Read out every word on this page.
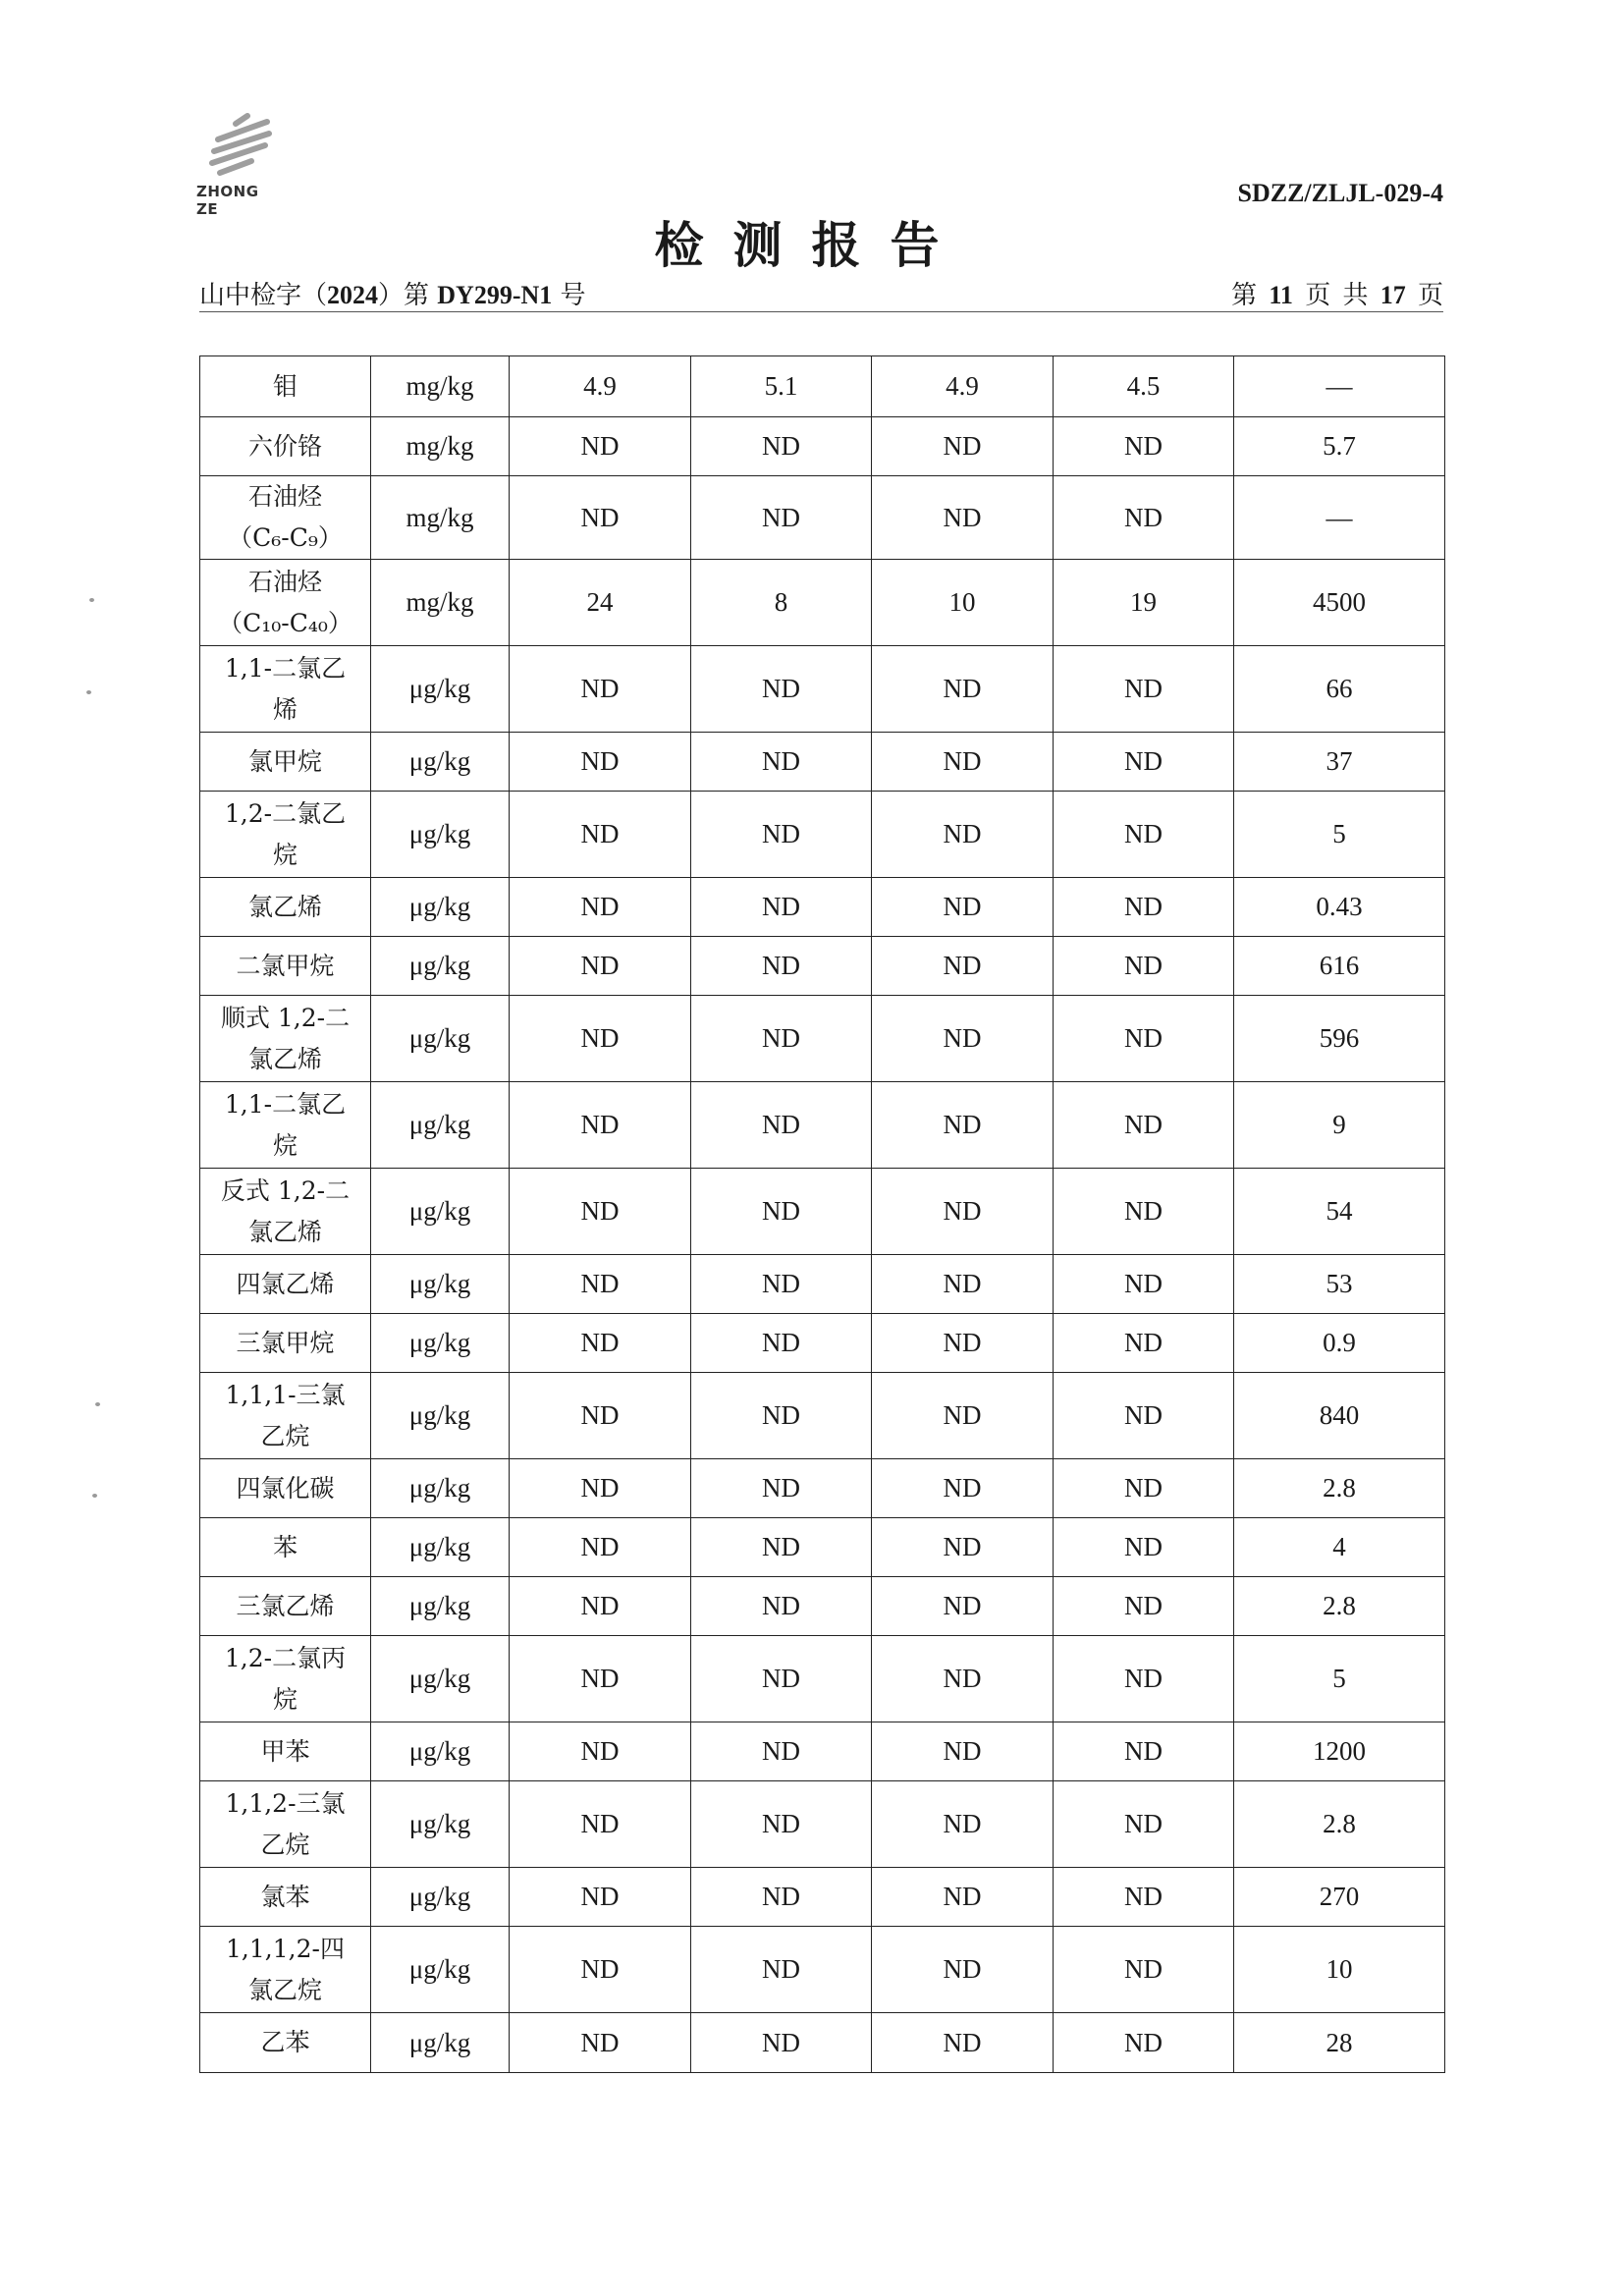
ZHONG ZE
SDZZ/ZLJL-029-4
检测报告
山中检字（2024）第 DY299-N1 号	第 11 页 共 17 页
钼	mg/kg	4.9	5.1	4.9	4.5	—

六价铬	mg/kg	ND	ND	ND	ND	5.7

石油烃
（C₆-C₉）	mg/kg	ND	ND	ND	ND	—

石油烃
（C₁₀-C₄₀）	mg/kg	24	8	10	19	4500

1,1-二氯乙
烯	μg/kg	ND	ND	ND	ND	66

氯甲烷	μg/kg	ND	ND	ND	ND	37

1,2-二氯乙
烷	μg/kg	ND	ND	ND	ND	5

氯乙烯	μg/kg	ND	ND	ND	ND	0.43

二氯甲烷	μg/kg	ND	ND	ND	ND	616

顺式 1,2-二
氯乙烯	μg/kg	ND	ND	ND	ND	596

1,1-二氯乙
烷	μg/kg	ND	ND	ND	ND	9

反式 1,2-二
氯乙烯	μg/kg	ND	ND	ND	ND	54

四氯乙烯	μg/kg	ND	ND	ND	ND	53

三氯甲烷	μg/kg	ND	ND	ND	ND	0.9

1,1,1-三氯
乙烷	μg/kg	ND	ND	ND	ND	840

四氯化碳	μg/kg	ND	ND	ND	ND	2.8

苯	μg/kg	ND	ND	ND	ND	4

三氯乙烯	μg/kg	ND	ND	ND	ND	2.8

1,2-二氯丙
烷	μg/kg	ND	ND	ND	ND	5

甲苯	μg/kg	ND	ND	ND	ND	1200

1,1,2-三氯
乙烷	μg/kg	ND	ND	ND	ND	2.8

氯苯	μg/kg	ND	ND	ND	ND	270

1,1,1,2-四
氯乙烷	μg/kg	ND	ND	ND	ND	10

乙苯	μg/kg	ND	ND	ND	ND	28
